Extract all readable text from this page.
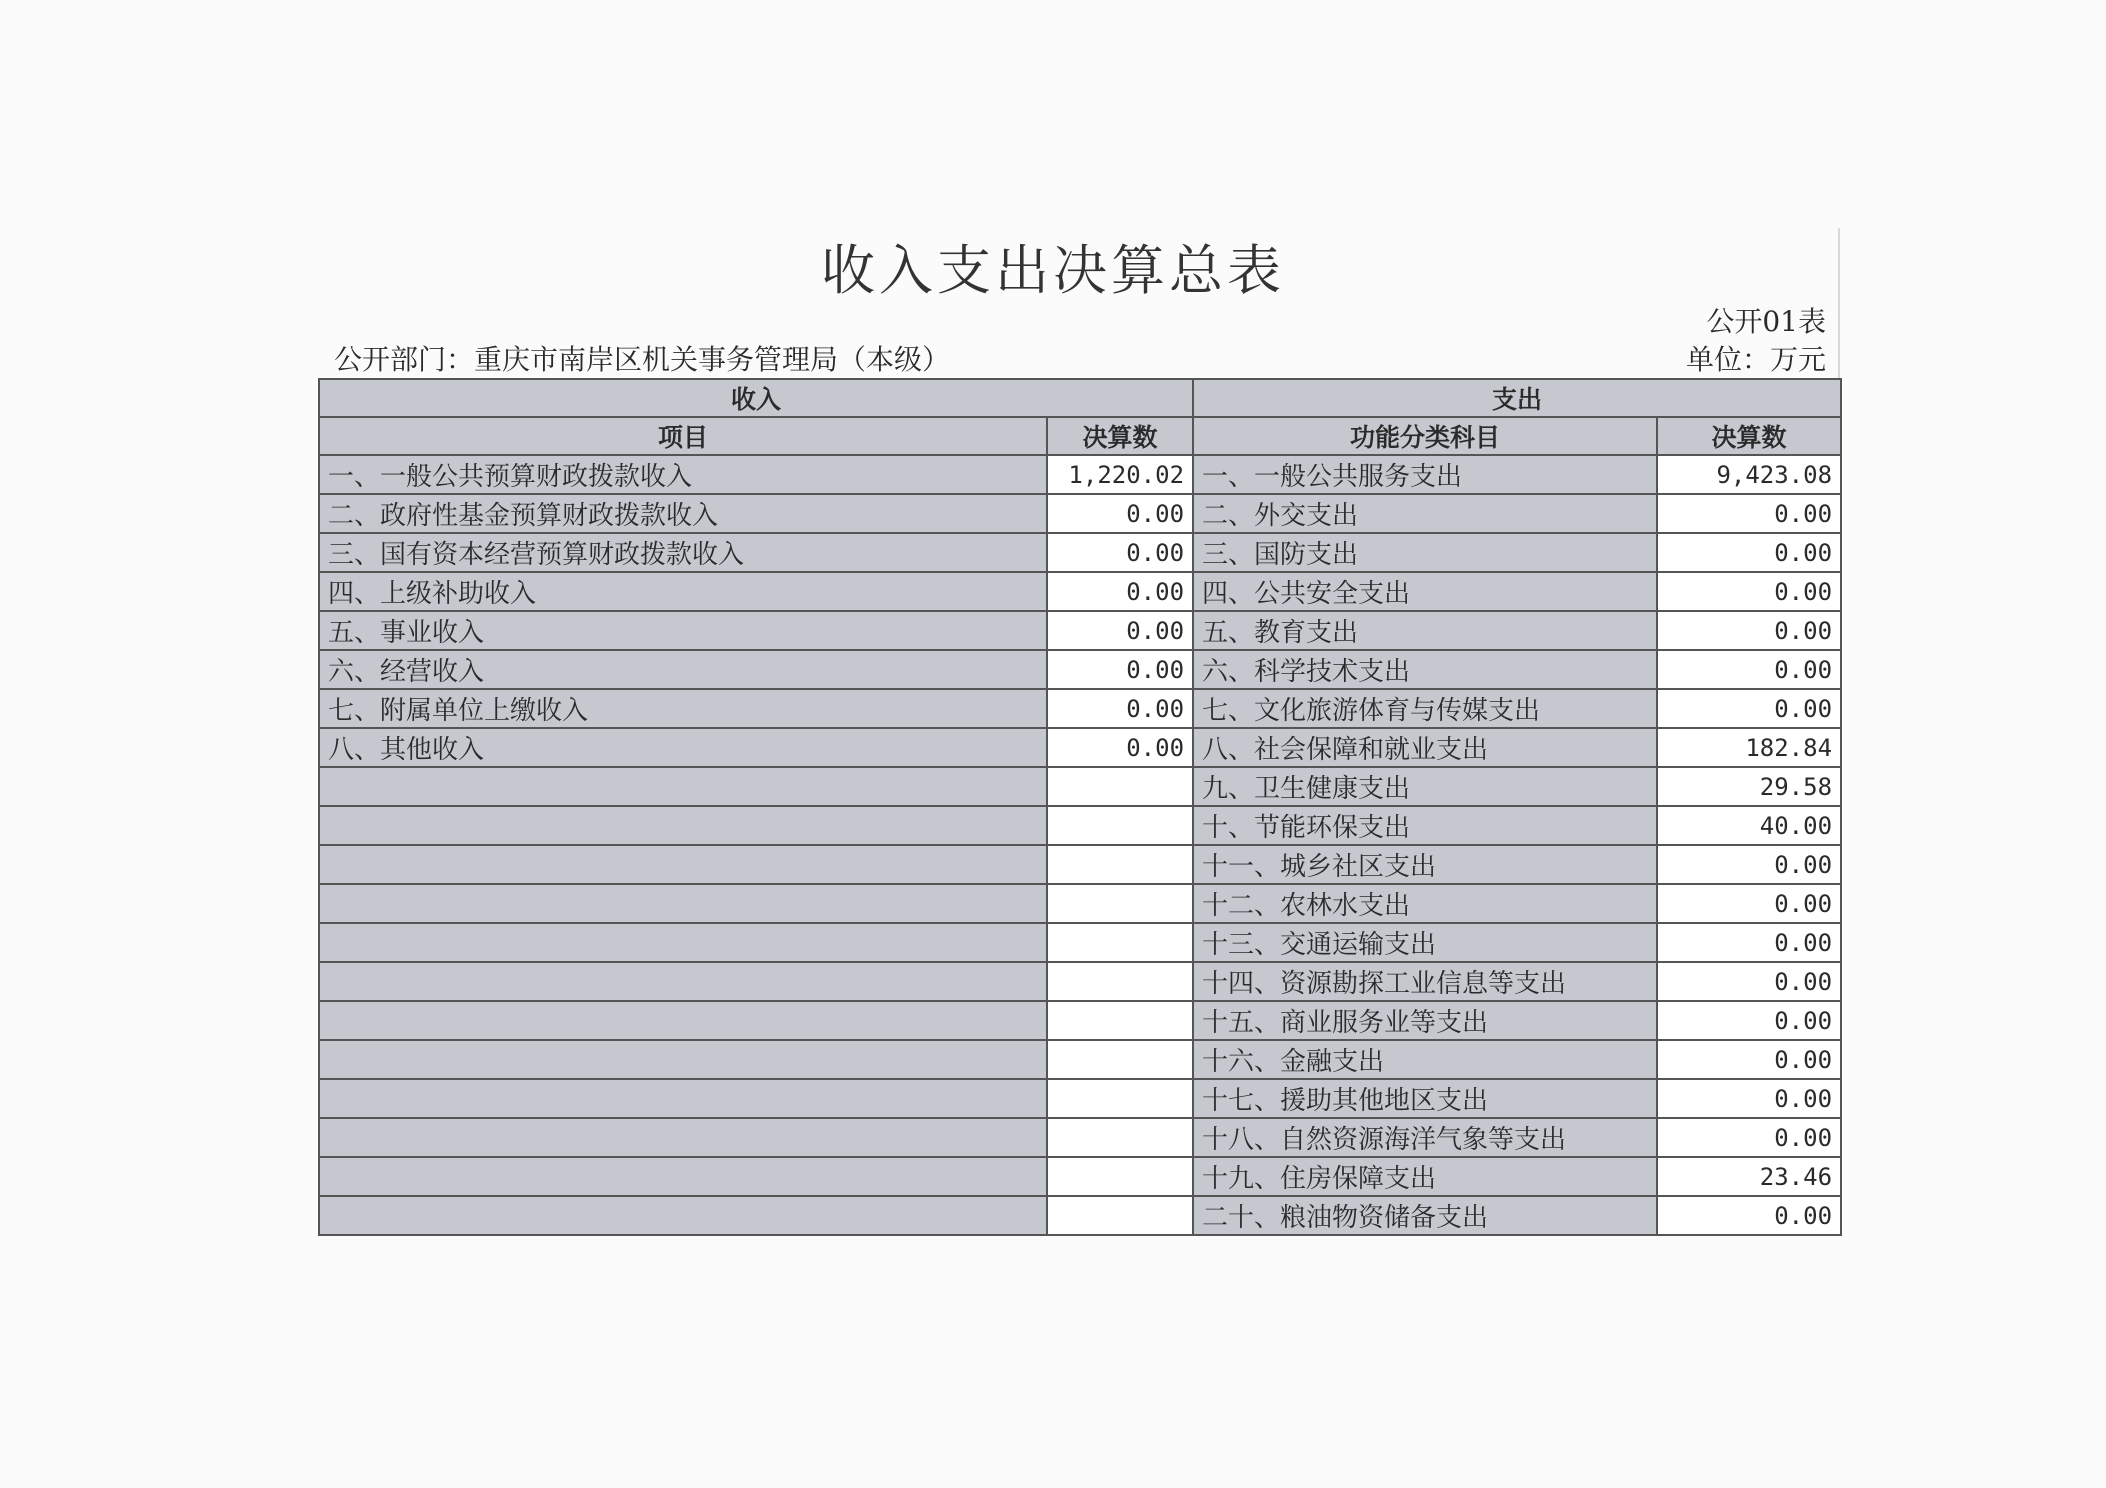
收入支出决算总表
公开01表
公开部门：重庆市南岸区机关事务管理局（本级）	单位：万元
收入		支出	
项目	决算数	功能分类科目	决算数
一、一般公共预算财政拨款收入	1,220.02	一、一般公共服务支出	9,423.08
二、政府性基金预算财政拨款收入	0.00	二、外交支出	0.00
三、国有资本经营预算财政拨款收入	0.00	三、国防支出	0.00
四、上级补助收入	0.00	四、公共安全支出	0.00
五、事业收入	0.00	五、教育支出	0.00
六、经营收入	0.00	六、科学技术支出	0.00
七、附属单位上缴收入	0.00	七、文化旅游体育与传媒支出	0.00
八、其他收入	0.00	八、社会保障和就业支出	182.84
		九、卫生健康支出	29.58
		十、节能环保支出	40.00
		十一、城乡社区支出	0.00
		十二、农林水支出	0.00
		十三、交通运输支出	0.00
		十四、资源勘探工业信息等支出	0.00
		十五、商业服务业等支出	0.00
		十六、金融支出	0.00
		十七、援助其他地区支出	0.00
		十八、自然资源海洋气象等支出	0.00
		十九、住房保障支出	23.46
		二十、粮油物资储备支出	0.00
